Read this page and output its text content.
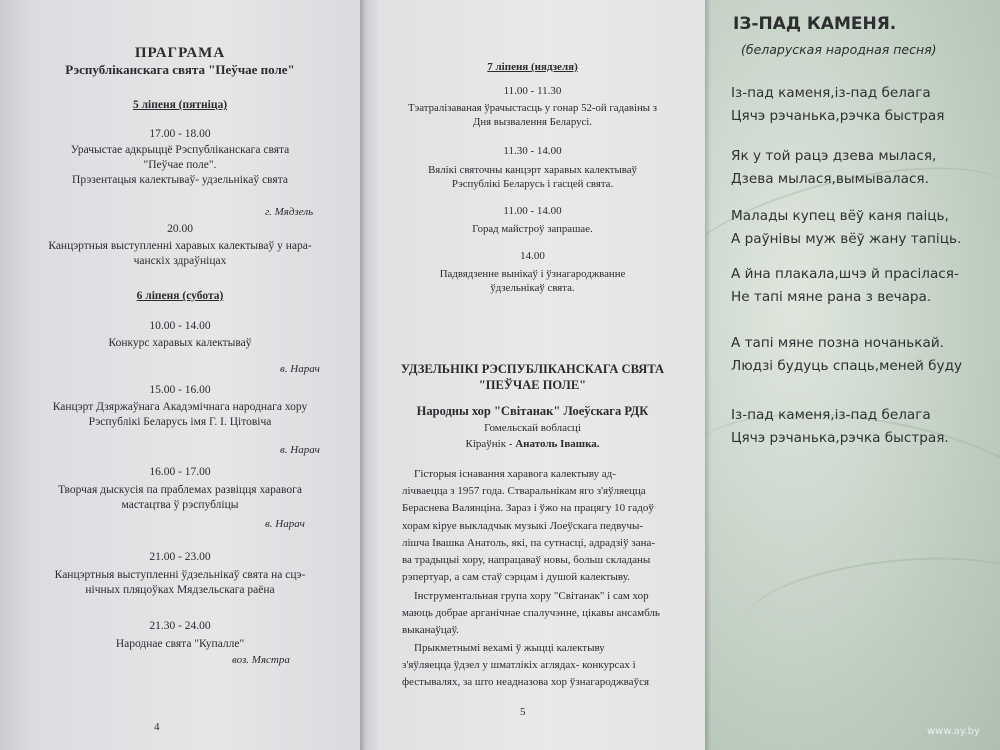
ПРАГРАМА
Рэспубліканскага свята "Пеўчае поле"
5 ліпеня (пятніца)
17.00 - 18.00
Урачыстае адкрыццё Рэспубліканскага свята
"Пеўчае поле".
Прэзентацыя калектываў- удзельнікаў свята
г. Мядзель
20.00
Канцэртныя выступленні харавых калектываў у нара-
чанскіх здраўніцах
6 ліпеня (субота)
10.00 - 14.00
Конкурс харавых калектываў
в. Нарач
15.00 - 16.00
Канцэрт Дзяржаўнага Акадэмічнага народнага хору
Рэспублікі Беларусь імя Г. І. Цітовіча
в. Нарач
16.00 - 17.00
Творчая дыскусія па праблемах развіцця харавога
мастацтва ў рэспубліцы
в. Нарач
21.00 - 23.00
Канцэртныя выступленні ўдзельнікаў свята на сцэ-
нічных пляцоўках Мядзельскага раёна
21.30 - 24.00
Народнае свята "Купалле"
воз. Мястра
4
7 ліпеня (нядзеля)
11.00 - 11.30
Тэатралізаваная ўрачыстасць у гонар 52-ой гадавіны з
Дня вызвалення Беларусі.
11.30 - 14.00
Вялікі святочны канцэрт харавых калектываў
Рэспублікі Беларусь і гасцей свята.
11.00 - 14.00
Горад майстроў запрашае.
14.00
Падвядзенне вынікаў і ўзнагароджванне
ўдзельнікаў свята.
УДЗЕЛЬНІКІ РЭСПУБЛІКАНСКАГА СВЯТА
"ПЕЎЧАЕ ПОЛЕ"
Народны хор "Світанак" Лоеўскага РДК
Гомельскай вобласці
Кіраўнік - Анатоль Івашка.
Гісторыя існавання харавога калектыву ад-
лічваецца з 1957 года. Стваральнікам яго з'яўляецца
Бераснева Валянціна. Зараз і ўжо на працягу 10 гадоў
хорам кіруе выкладчык музыкі Лоеўскага педвучы-
лішча Івашка Анатоль, які, па сутнасці, адрадзіў зана-
ва традыцыі хору, напрацаваў новы, больш складаны
рэпертуар, а сам стаў сэрцам і душой калектыву.
Інструментальная група хору "Світанак" і сам хор
маюць добрае арганічнае спалучэнне, цікавы ансамбль
выканаўцаў.
Прыкметнымі вехамі ў жыцці калектыву
з'яўляецца ўдзел у шматлікіх аглядах- конкурсах і
фестывалях, за што неадназова хор ўзнагароджваўся
5
ІЗ-ПАД КАМЕНЯ.
(беларуская народная песня)
Із-пад каменя,із-пад белага
Цячэ рэчанька,рэчка быстрая
Як у той рацэ дзева мылася,
Дзева мылася,вымывалася.
Малады купец вёў каня паіць,
А раўнівы муж вёў жану тапіць.
А йна плакала,шчэ й прасілася-
Не тапі мяне рана з вечара.
А тапі мяне позна ночанькай.
Людзі будуць спаць,меней буду
Із-пад каменя,із-пад белага
Цячэ рэчанька,рэчка быстрая.
www.ay.by
